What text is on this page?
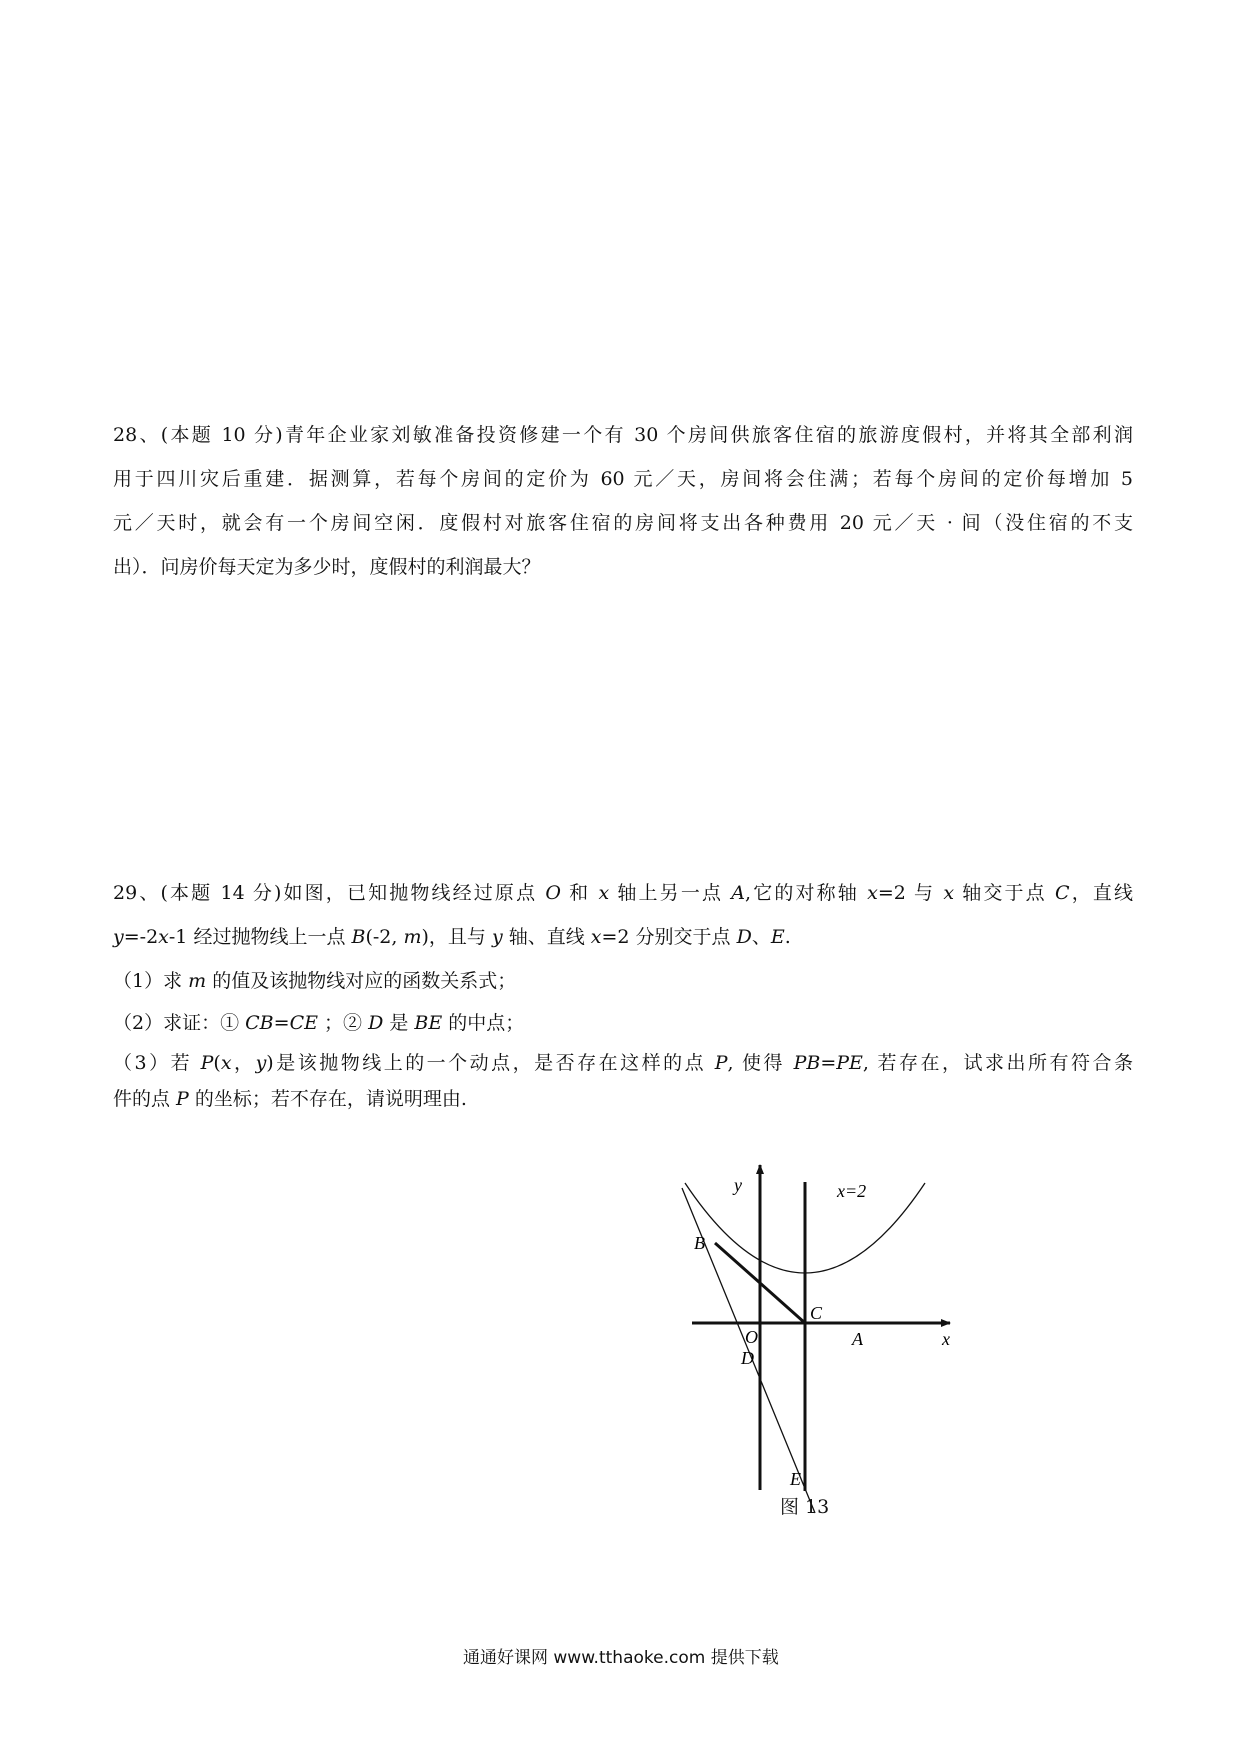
28、(本题 10 分)青年企业家刘敏准备投资修建一个有 30 个房间供旅客住宿的旅游度假村，并将其全部利润
用于四川灾后重建．据测算，若每个房间的定价为 60 元／天，房间将会住满；若每个房间的定价每增加 5
元／天时，就会有一个房间空闲．度假村对旅客住宿的房间将支出各种费用 20 元／天 · 间（没住宿的不支
出）．问房价每天定为多少时，度假村的利润最大？
29、(本题 14 分)如图，已知抛物线经过原点 O 和 x 轴上另一点 A,它的对称轴 x=2 与 x 轴交于点 C，直线
y=-2x-1 经过抛物线上一点 B(-2, m)，且与 y 轴、直线 x=2 分别交于点 D、E.
（1）求 m 的值及该抛物线对应的函数关系式；
（2）求证：① CB=CE ；② D 是 BE 的中点；
（3）若 P(x，y)是该抛物线上的一个动点，是否存在这样的点 P, 使得 PB=PE, 若存在，试求出所有符合条
件的点 P 的坐标；若不存在，请说明理由.
y	x=2
B
C
O	A	x
D
E
图 13
通通好课网 www.tthaoke.com 提供下载
